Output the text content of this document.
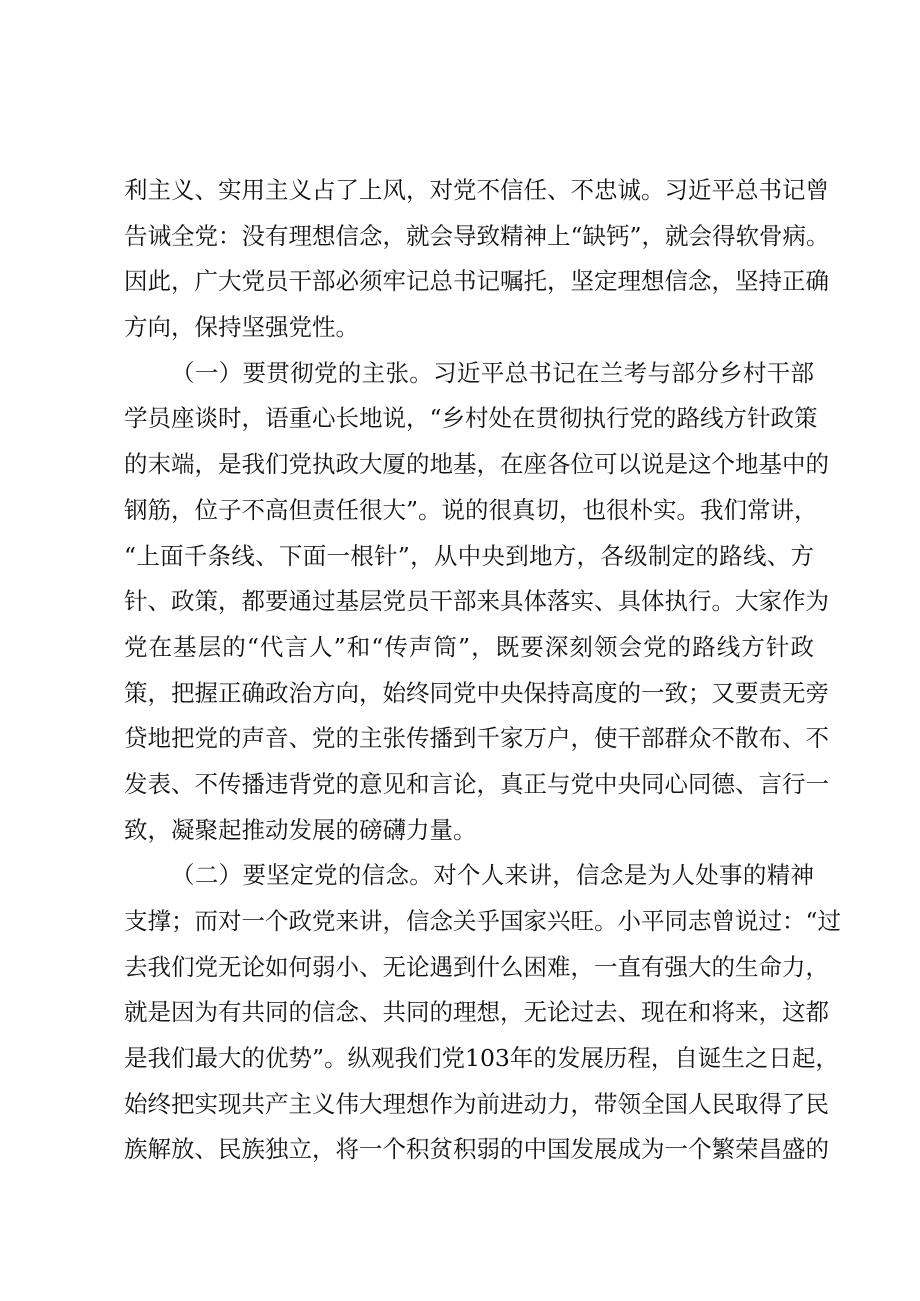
利主义、实用主义占了上风，对党不信任、不忠诚。习近平总书记曾
告诫全党：没有理想信念，就会导致精神上“缺钙”，就会得软骨病。
因此，广大党员干部必须牢记总书记嘱托，坚定理想信念，坚持正确
方向，保持坚强党性。
（一）要贯彻党的主张。习近平总书记在兰考与部分乡村干部
学员座谈时，语重心长地说，“乡村处在贯彻执行党的路线方针政策
的末端，是我们党执政大厦的地基，在座各位可以说是这个地基中的
钢筋，位子不高但责任很大”。说的很真切，也很朴实。我们常讲，
“上面千条线、下面一根针”，从中央到地方，各级制定的路线、方
针、政策，都要通过基层党员干部来具体落实、具体执行。大家作为
党在基层的“代言人”和“传声筒”，既要深刻领会党的路线方针政
策，把握正确政治方向，始终同党中央保持高度的一致；又要责无旁
贷地把党的声音、党的主张传播到千家万户，使干部群众不散布、不
发表、不传播违背党的意见和言论，真正与党中央同心同德、言行一
致，凝聚起推动发展的磅礴力量。
（二）要坚定党的信念。对个人来讲，信念是为人处事的精神
支撑；而对一个政党来讲，信念关乎国家兴旺。小平同志曾说过：“过
去我们党无论如何弱小、无论遇到什么困难，一直有强大的生命力，
就是因为有共同的信念、共同的理想，无论过去、现在和将来，这都
是我们最大的优势”。纵观我们党103年的发展历程，自诞生之日起，
始终把实现共产主义伟大理想作为前进动力，带领全国人民取得了民
族解放、民族独立，将一个积贫积弱的中国发展成为一个繁荣昌盛的
